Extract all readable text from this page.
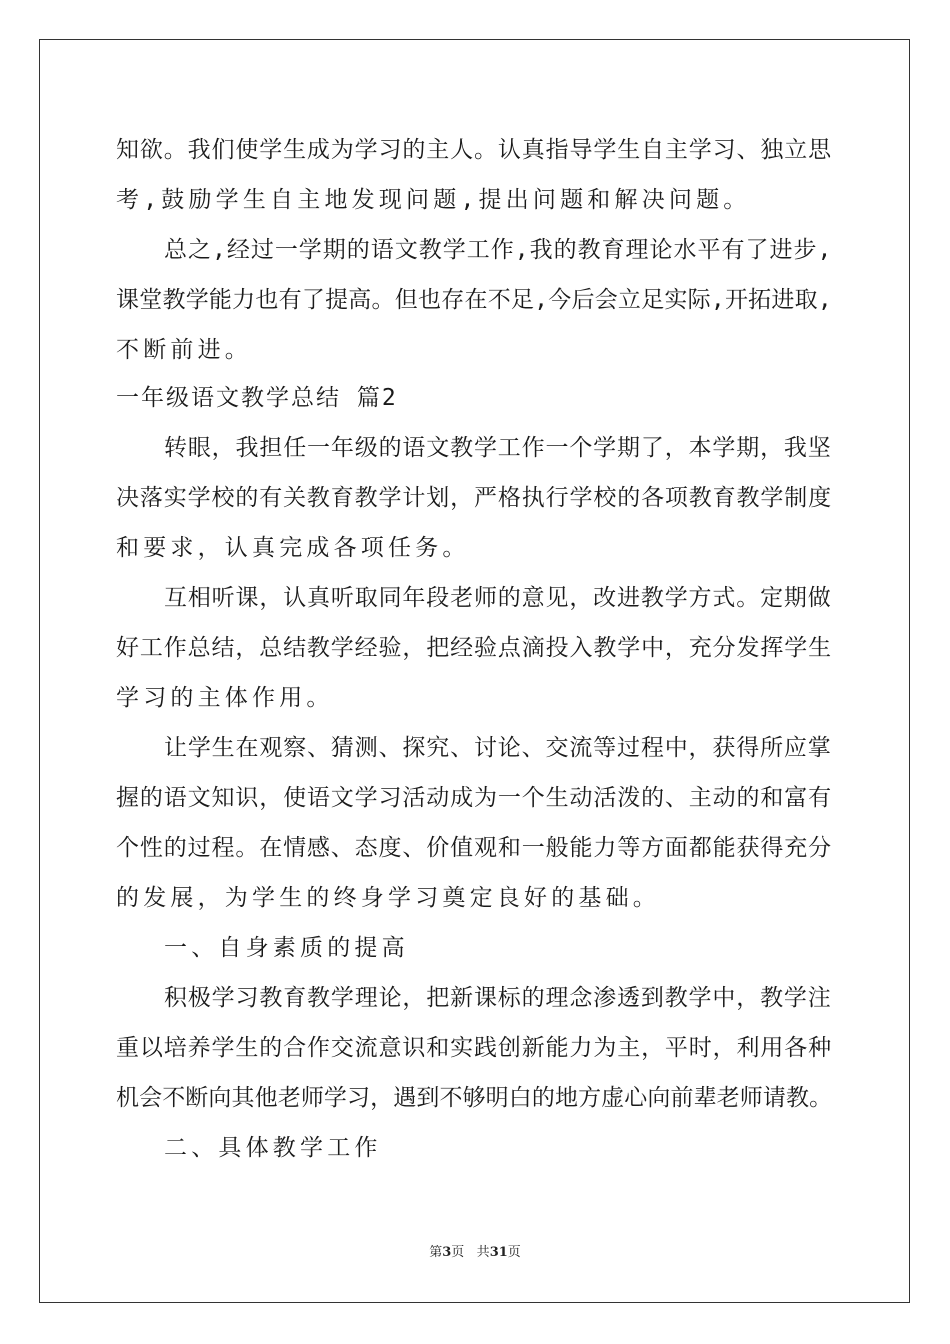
知欲。我们使学生成为学习的主人。认真指导学生自主学习、独立思
考,鼓励学生自主地发现问题,提出问题和解决问题。
总之,经过一学期的语文教学工作,我的教育理论水平有了进步,
课堂教学能力也有了提高。但也存在不足,今后会立足实际,开拓进取,
不断前进。
一年级语文教学总结 篇2
转眼，我担任一年级的语文教学工作一个学期了，本学期，我坚
决落实学校的有关教育教学计划，严格执行学校的各项教育教学制度
和要求，认真完成各项任务。
互相听课，认真听取同年段老师的意见，改进教学方式。定期做
好工作总结，总结教学经验，把经验点滴投入教学中，充分发挥学生
学习的主体作用。
让学生在观察、猜测、探究、讨论、交流等过程中，获得所应掌
握的语文知识，使语文学习活动成为一个生动活泼的、主动的和富有
个性的过程。在情感、态度、价值观和一般能力等方面都能获得充分
的发展，为学生的终身学习奠定良好的基础。
一、自身素质的提高
积极学习教育教学理论，把新课标的理念渗透到教学中，教学注
重以培养学生的合作交流意识和实践创新能力为主，平时，利用各种
机会不断向其他老师学习，遇到不够明白的地方虚心向前辈老师请教。
二、具体教学工作
第3页 共31页
